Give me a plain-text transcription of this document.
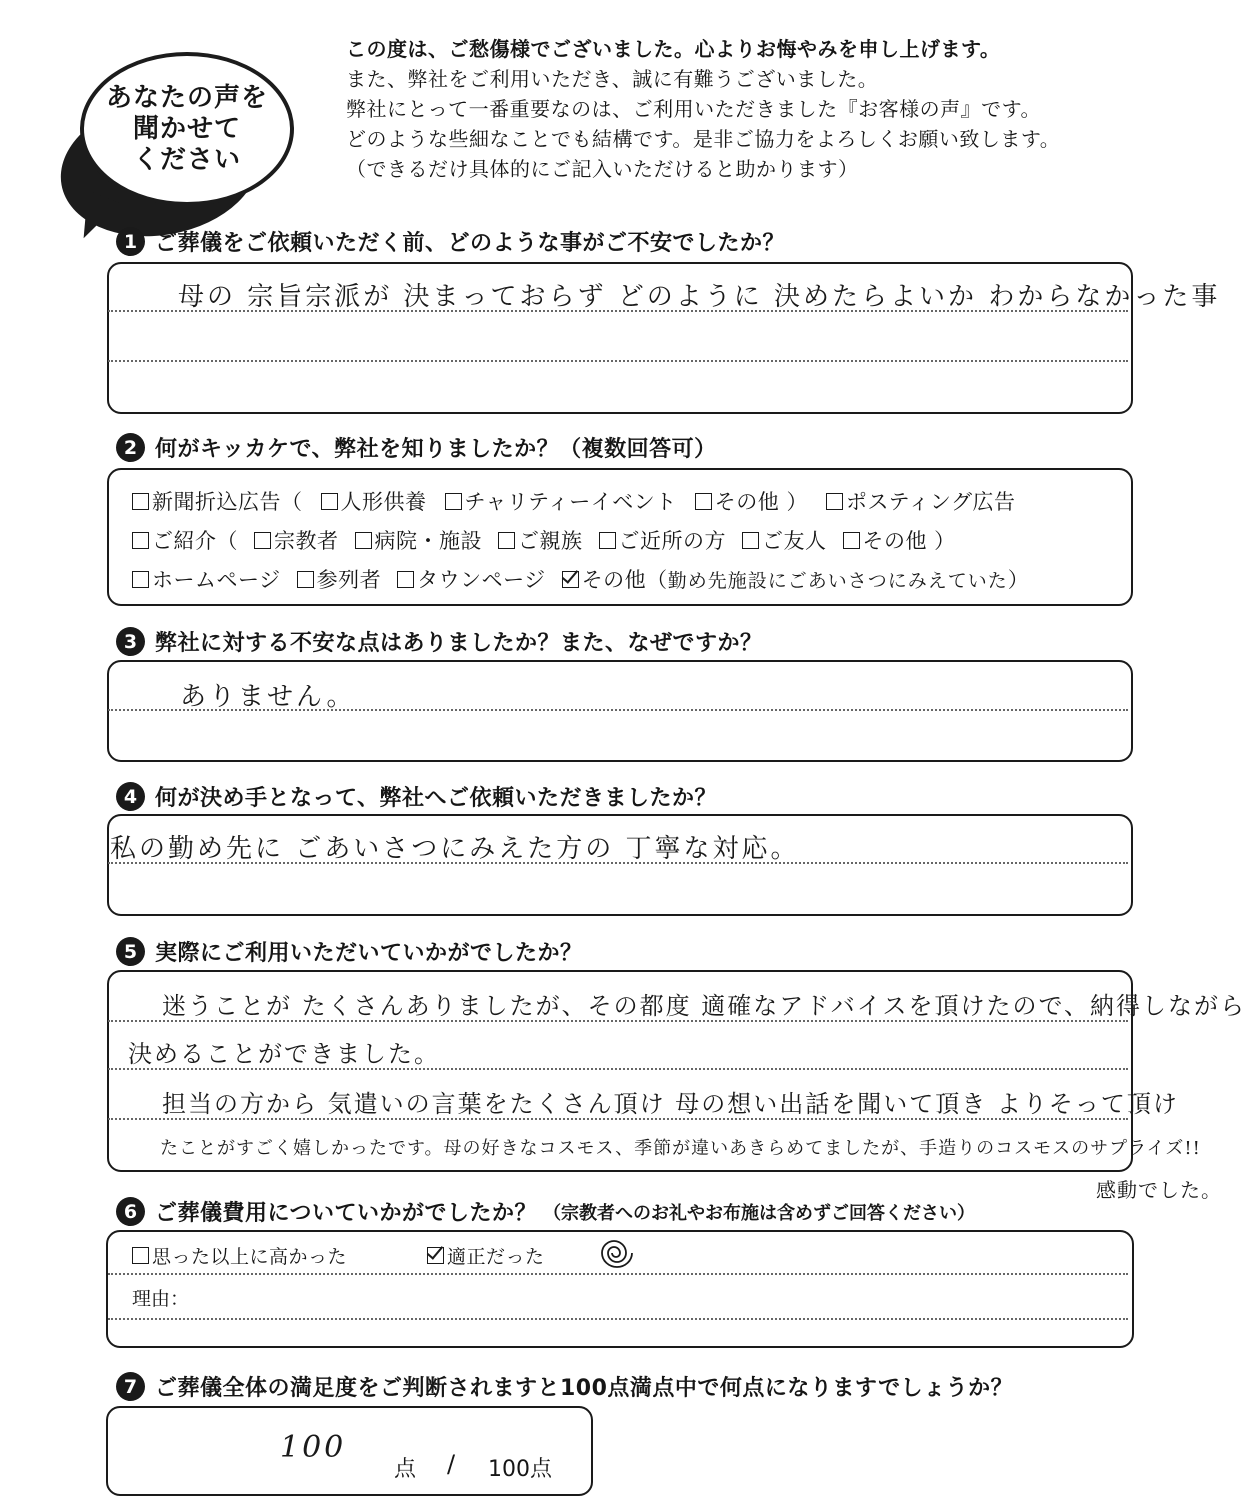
あなたの声を
聞かせて
ください
この度は、ご愁傷様でございました。心よりお悔やみを申し上げます。
また、弊社をご利用いただき、誠に有難うございました。
弊社にとって一番重要なのは、ご利用いただきました『お客様の声』です。
どのような些細なことでも結構です。是非ご協力をよろしくお願い致します。
（できるだけ具体的にご記入いただけると助かります）
1 ご葬儀をご依頼いただく前、どのような事がご不安でしたか？
母の 宗旨宗派が 決まっておらず どのように 決めたらよいか わからなかった事
2 何がキッカケで、弊社を知りましたか？（複数回答可）
新聞折込広告（ 人形供養 チャリティーイベント その他 ） ポスティング広告
ご紹介（ 宗教者 病院・施設 ご親族 ご近所の方 ご友人 その他 ）
ホームページ 参列者 タウンページ その他（ 勤め先施設にごあいさつにみえていた ）
3 弊社に対する不安な点はありましたか？また、なぜですか？
ありません。
4 何が決め手となって、弊社へご依頼いただきましたか？
私の勤め先に ごあいさつにみえた方の 丁寧な対応。
5 実際にご利用いただいていかがでしたか？
迷うことが たくさんありましたが、その都度 適確なアドバイスを頂けたので、納得しながら
決めることができました。
担当の方から 気遣いの言葉をたくさん頂け 母の想い出話を聞いて頂き よりそって頂け
たことがすごく嬉しかったです。母の好きなコスモス、季節が違いあきらめてましたが、手造りのコスモスのサプライズ!!
感動でした。
6 ご葬儀費用についていかがでしたか？ （宗教者へのお礼やお布施は含めずご回答ください）
思った以上に高かった	適正だった
理由：
7 ご葬儀全体の満足度をご判断されますと100点満点中で何点になりますでしょうか？
100
点 / 100点
